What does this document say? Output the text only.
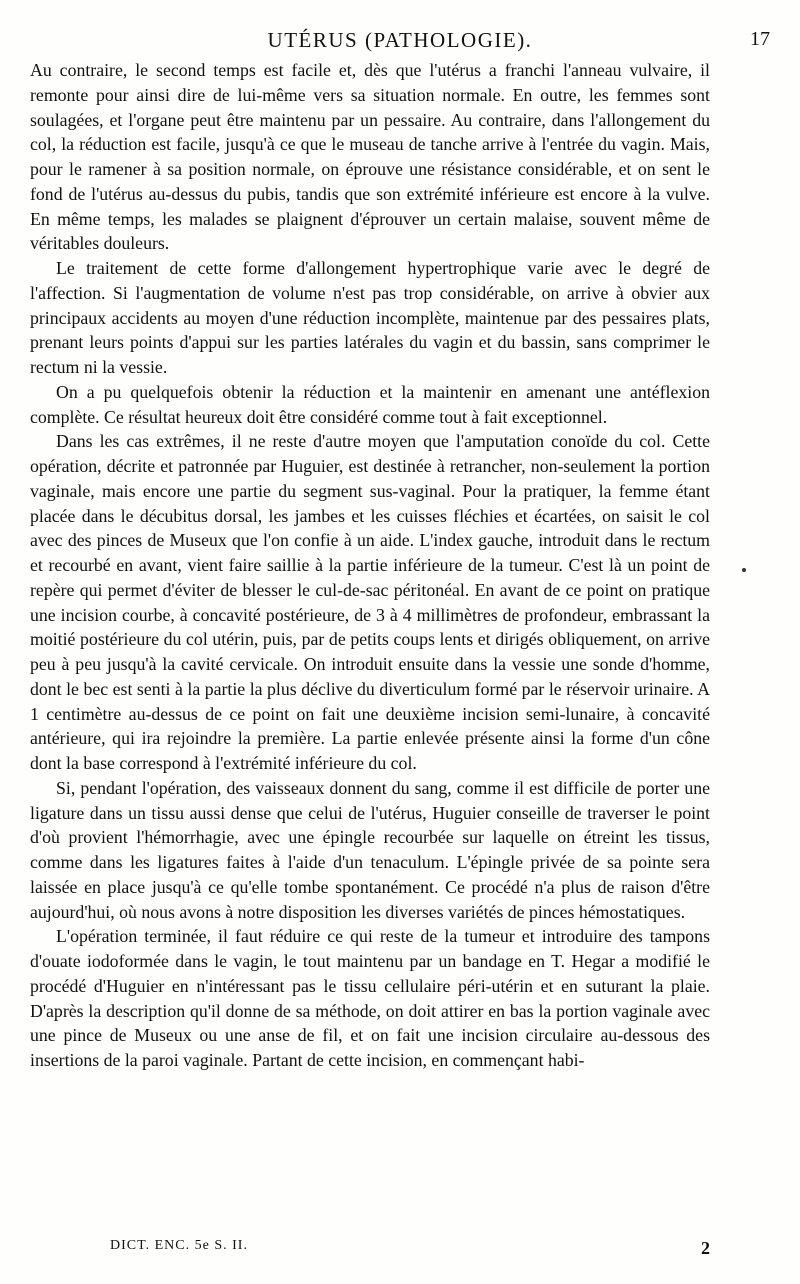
UTÉRUS (PATHOLOGIE).	17

Au contraire, le second temps est facile et, dès que l'utérus a franchi l'anneau vulvaire, il remonte pour ainsi dire de lui-même vers sa situation normale. En outre, les femmes sont soulagées, et l'organe peut être maintenu par un pessaire. Au contraire, dans l'allongement du col, la réduction est facile, jusqu'à ce que le museau de tanche arrive à l'entrée du vagin. Mais, pour le ramener à sa position normale, on éprouve une résistance considérable, et on sent le fond de l'utérus au-dessus du pubis, tandis que son extrémité inférieure est encore à la vulve. En même temps, les malades se plaignent d'éprouver un certain malaise, souvent même de véritables douleurs.

Le traitement de cette forme d'allongement hypertrophique varie avec le degré de l'affection. Si l'augmentation de volume n'est pas trop considérable, on arrive à obvier aux principaux accidents au moyen d'une réduction incomplète, maintenue par des pessaires plats, prenant leurs points d'appui sur les parties latérales du vagin et du bassin, sans comprimer le rectum ni la vessie.

On a pu quelquefois obtenir la réduction et la maintenir en amenant une antéflexion complète. Ce résultat heureux doit être considéré comme tout à fait exceptionnel.

Dans les cas extrêmes, il ne reste d'autre moyen que l'amputation conoïde du col. Cette opération, décrite et patronnée par Huguier, est destinée à retrancher, non-seulement la portion vaginale, mais encore une partie du segment sus-vaginal. Pour la pratiquer, la femme étant placée dans le décubitus dorsal, les jambes et les cuisses fléchies et écartées, on saisit le col avec des pinces de Museux que l'on confie à un aide. L'index gauche, introduit dans le rectum et recourbé en avant, vient faire saillie à la partie inférieure de la tumeur. C'est là un point de repère qui permet d'éviter de blesser le cul-de-sac péritonéal. En avant de ce point on pratique une incision courbe, à concavité postérieure, de 3 à 4 millimètres de profondeur, embrassant la moitié postérieure du col utérin, puis, par de petits coups lents et dirigés obliquement, on arrive peu à peu jusqu'à la cavité cervicale. On introduit ensuite dans la vessie une sonde d'homme, dont le bec est senti à la partie la plus déclive du diverticulum formé par le réservoir urinaire. A 1 centimètre au-dessus de ce point on fait une deuxième incision semi-lunaire, à concavité antérieure, qui ira rejoindre la première. La partie enlevée présente ainsi la forme d'un cône dont la base correspond à l'extrémité inférieure du col.

Si, pendant l'opération, des vaisseaux donnent du sang, comme il est difficile de porter une ligature dans un tissu aussi dense que celui de l'utérus, Huguier conseille de traverser le point d'où provient l'hémorrhagie, avec une épingle recourbée sur laquelle on étreint les tissus, comme dans les ligatures faites à l'aide d'un tenaculum. L'épingle privée de sa pointe sera laissée en place jusqu'à ce qu'elle tombe spontanément. Ce procédé n'a plus de raison d'être aujourd'hui, où nous avons à notre disposition les diverses variétés de pinces hémostatiques.

L'opération terminée, il faut réduire ce qui reste de la tumeur et introduire des tampons d'ouate iodoformée dans le vagin, le tout maintenu par un bandage en T. Hegar a modifié le procédé d'Huguier en n'intéressant pas le tissu cellulaire péri-utérin et en suturant la plaie. D'après la description qu'il donne de sa méthode, on doit attirer en bas la portion vaginale avec une pince de Museux ou une anse de fil, et on fait une incision circulaire au-dessous des insertions de la paroi vaginale. Partant de cette incision, en commençant habi-

DICT. ENC. 5e S. II.	2
